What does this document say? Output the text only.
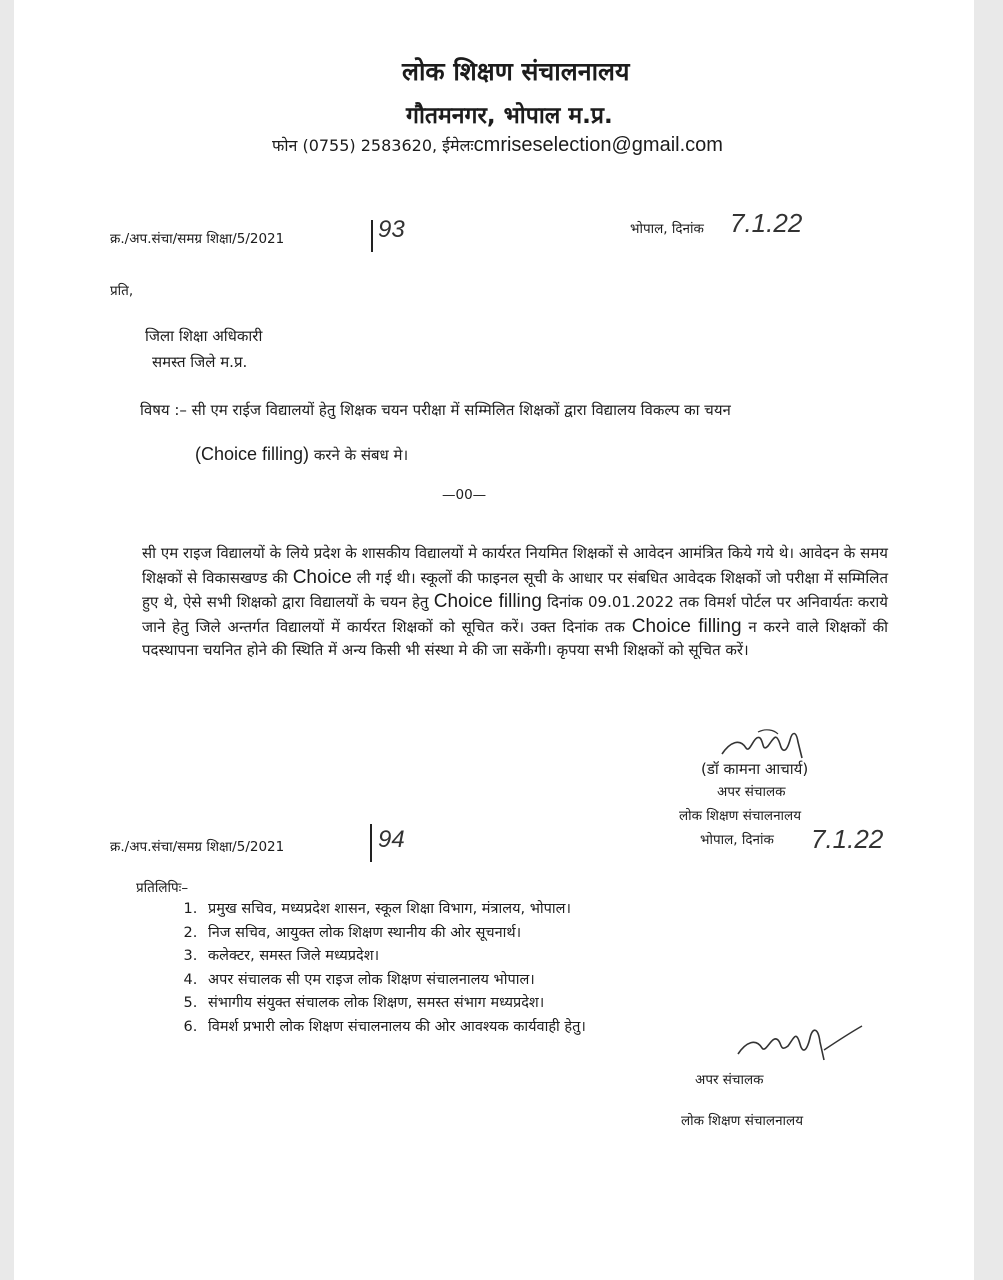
लोक शिक्षण संचालनालय
गौतमनगर, भोपाल म.प्र.
फोन (0755) 2583620, ईमेलःcmriseselection@gmail.com
क्र./अप.संचा/समग्र शिक्षा/5/2021	93	भोपाल, दिनांक 7.1.22
प्रति,
जिला शिक्षा अधिकारी
समस्त जिले म.प्र.
विषय :– सी एम राईज विद्यालयों हेतु शिक्षक चयन परीक्षा में सम्मिलित शिक्षकों द्वारा विद्यालय विकल्प का चयन
(Choice filling) करने के संबध मे।
—00—
सी एम राइज विद्यालयों के लिये प्रदेश के शासकीय विद्यालयों मे कार्यरत नियमित शिक्षकों से आवेदन आमंत्रित किये गये थे। आवेदन के समय शिक्षकों से विकासखण्ड की Choice ली गई थी। स्कूलों की फाइनल सूची के आधार पर संबधित आवेदक शिक्षकों जो परीक्षा में सम्मिलित हुए थे, ऐसे सभी शिक्षको द्वारा विद्यालयों के चयन हेतु Choice filling दिनांक 09.01.2022 तक विमर्श पोर्टल पर अनिवार्यतः कराये जाने हेतु जिले अन्तर्गत विद्यालयों में कार्यरत शिक्षकों को सूचित करें। उक्त दिनांक तक Choice filling न करने वाले शिक्षकों की पदस्थापना चयनित होने की स्थिति में अन्य किसी भी संस्था मे की जा सकेंगी। कृपया सभी शिक्षकों को सूचित करें।
(डॉ कामना आचार्य)
अपर संचालक
लोक शिक्षण संचालनालय
भोपाल, दिनांक 7.1.22
क्र./अप.संचा/समग्र शिक्षा/5/2021	94
प्रतिलिपिः–
1. प्रमुख सचिव, मध्यप्रदेश शासन, स्कूल शिक्षा विभाग, मंत्रालय, भोपाल।
2. निज सचिव, आयुक्त लोक शिक्षण स्थानीय की ओर सूचनार्थ।
3. कलेक्टर, समस्त जिले मध्यप्रदेश।
4. अपर संचालक सी एम राइज लोक शिक्षण संचालनालय भोपाल।
5. संभागीय संयुक्त संचालक लोक शिक्षण, समस्त संभाग मध्यप्रदेश।
6. विमर्श प्रभारी लोक शिक्षण संचालनालय की ओर आवश्यक कार्यवाही हेतु।
अपर संचालक
लोक शिक्षण संचालनालय
